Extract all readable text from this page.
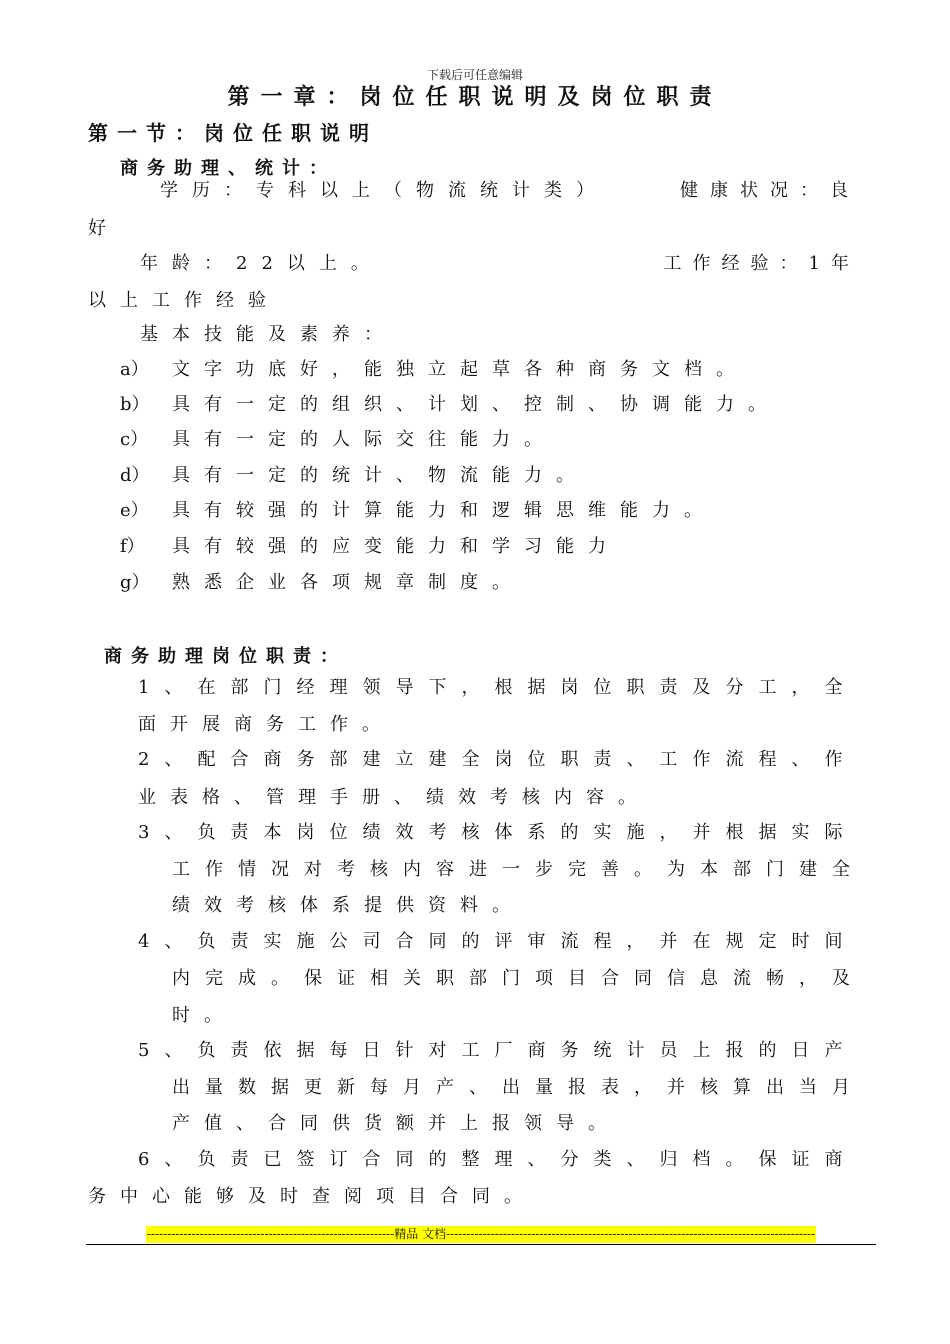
下载后可任意编辑
第一章：岗位任职说明及岗位职责
第一节：岗位任职说明
商务助理、统计：
学历：专科以上（物流统计类）	健康状况：良
好
年龄：22以上。	工作经验：1年
以上工作经验
基本技能及素养：
a） 文字功底好，能独立起草各种商务文档。
b） 具有一定的组织、计划、控制、协调能力。
c） 具有一定的人际交往能力。
d） 具有一定的统计、物流能力。
e） 具有较强的计算能力和逻辑思维能力。
f） 具有较强的应变能力和学习能力
g） 熟悉企业各项规章制度。
商务助理岗位职责：
1、在部门经理领导下，根据岗位职责及分工，全
面开展商务工作。
2、配合商务部建立建全岗位职责、工作流程、作
业表格、管理手册、绩效考核内容。
3、负责本岗位绩效考核体系的实施，并根据实际
工作情况对考核内容进一步完善。为本部门建全
绩效考核体系提供资料。
4、负责实施公司合同的评审流程，并在规定时间
内完成。保证相关职部门项目合同信息流畅，及
时。
5、负责依据每日针对工厂商务统计员上报的日产
出量数据更新每月产、出量报表，并核算出当月
产值、合同供货额并上报领导。
6、负责已签订合同的整理、分类、归档。保证商
务中心能够及时查阅项目合同。
-------------------------------------------------------------精品 文档-------------------------------------------------------------------------------------------
